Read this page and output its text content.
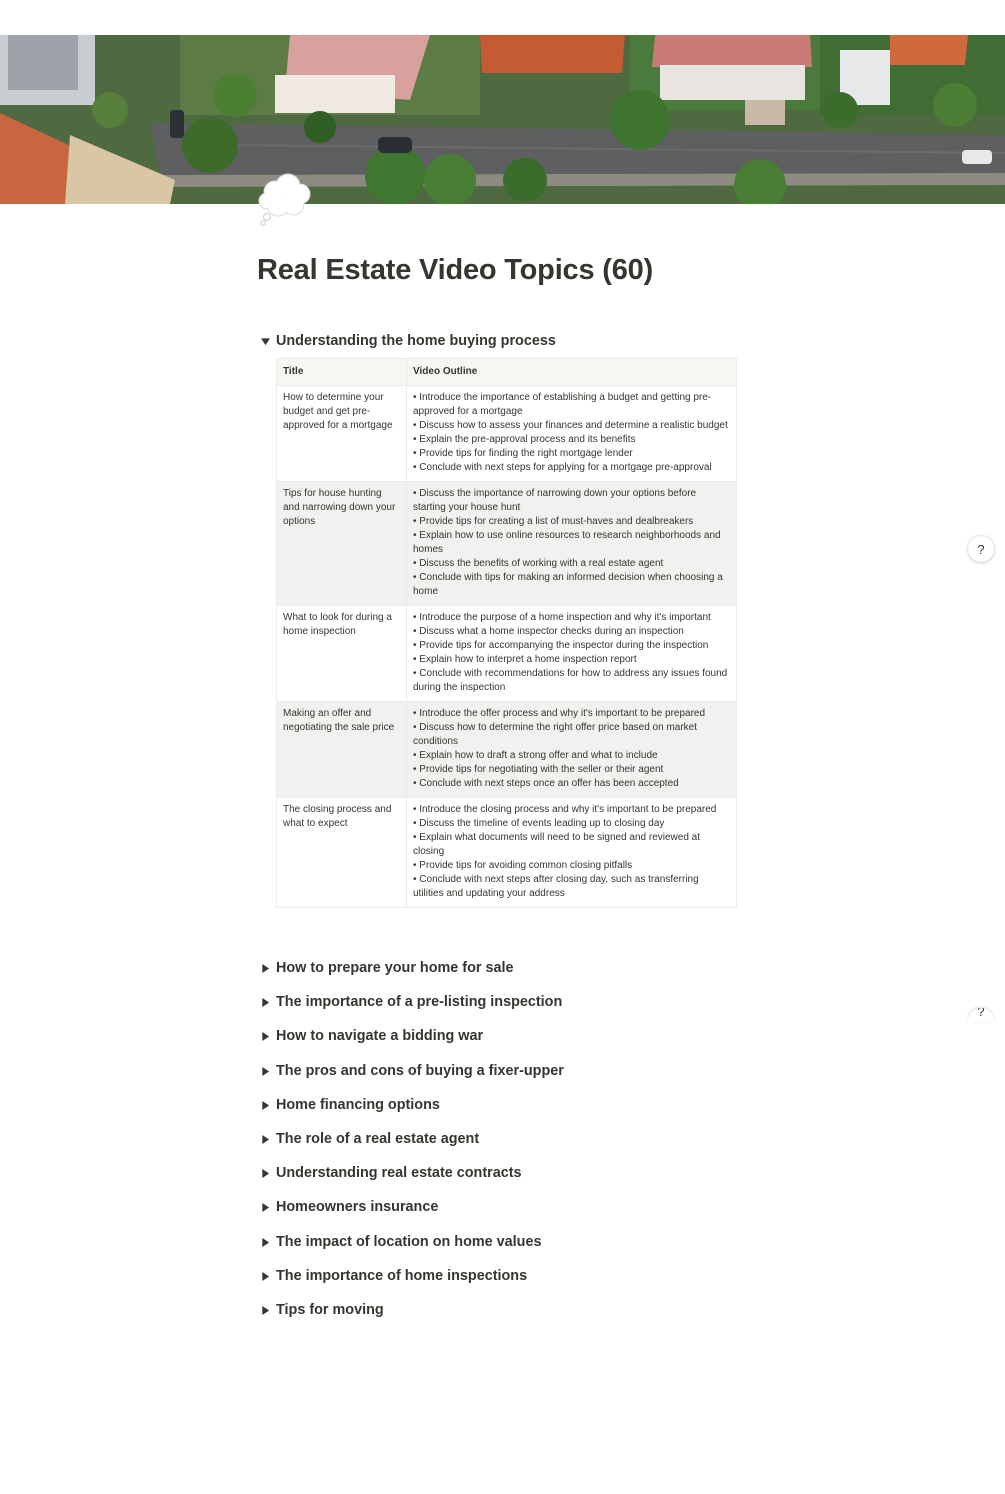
Real Estate Video Topics (60)
Understanding the home buying process
Title	Video Outline
How to determine your budget and get pre-approved for a mortgage	• Introduce the importance of establishing a budget and getting pre-approved for a mortgage
• Discuss how to assess your finances and determine a realistic budget
• Explain the pre-approval process and its benefits
• Provide tips for finding the right mortgage lender
• Conclude with next steps for applying for a mortgage pre-approval

Tips for house hunting and narrowing down your options	• Discuss the importance of narrowing down your options before starting your house hunt
• Provide tips for creating a list of must-haves and dealbreakers
• Explain how to use online resources to research neighborhoods and homes
• Discuss the benefits of working with a real estate agent
• Conclude with tips for making an informed decision when choosing a home

What to look for during a home inspection	• Introduce the purpose of a home inspection and why it's important
• Discuss what a home inspector checks during an inspection
• Provide tips for accompanying the inspector during the inspection
• Explain how to interpret a home inspection report
• Conclude with recommendations for how to address any issues found during the inspection

Making an offer and negotiating the sale price	• Introduce the offer process and why it's important to be prepared
• Discuss how to determine the right offer price based on market conditions
• Explain how to draft a strong offer and what to include
• Provide tips for negotiating with the seller or their agent
• Conclude with next steps once an offer has been accepted

The closing process and what to expect	• Introduce the closing process and why it's important to be prepared
• Discuss the timeline of events leading up to closing day
• Explain what documents will need to be signed and reviewed at closing
• Provide tips for avoiding common closing pitfalls
• Conclude with next steps after closing day, such as transferring utilities and updating your address
How to prepare your home for sale
The importance of a pre-listing inspection
How to navigate a bidding war
The pros and cons of buying a fixer-upper
Home financing options
The role of a real estate agent
Understanding real estate contracts
Homeowners insurance
The impact of location on home values
The importance of home inspections
Tips for moving
?
?
